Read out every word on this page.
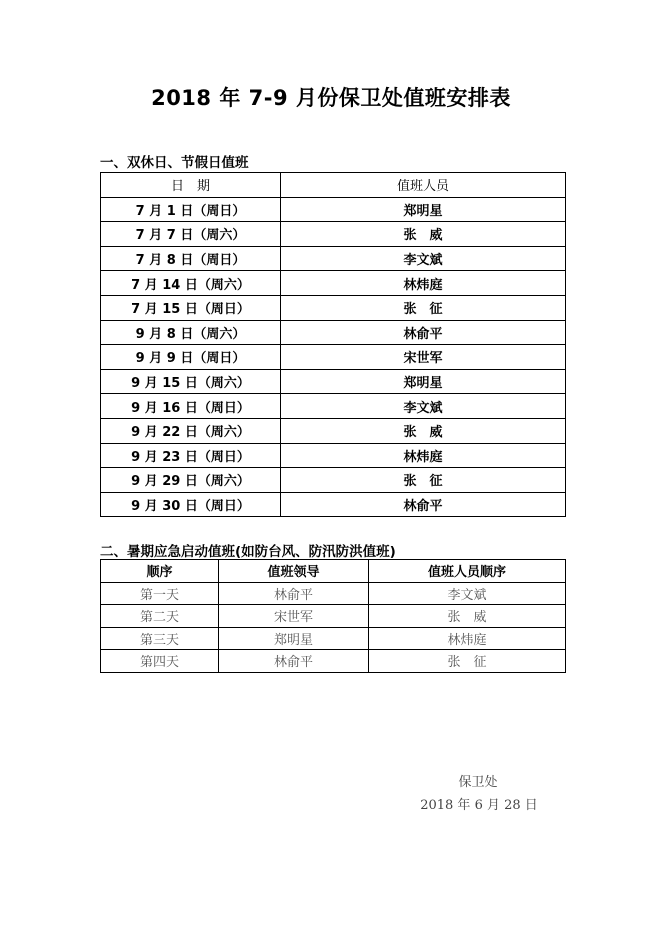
2018 年 7-9 月份保卫处值班安排表
一、双休日、节假日值班
日　期	值班人员
7 月 1 日（周日）	郑明星
7 月 7 日（周六）	张　威
7 月 8 日（周日）	李文斌
7 月 14 日（周六）	林炜庭
7 月 15 日（周日）	张　征
9 月 8 日（周六）	林俞平
9 月 9 日（周日）	宋世军
9 月 15 日（周六）	郑明星
9 月 16 日（周日）	李文斌
9 月 22 日（周六）	张　威
9 月 23 日（周日）	林炜庭
9 月 29 日（周六）	张　征
9 月 30 日（周日）	林俞平
二、暑期应急启动值班(如防台风、防汛防洪值班)
顺序	值班领导	值班人员顺序
第一天	林俞平	李文斌
第二天	宋世军	张　威
第三天	郑明星	林炜庭
第四天	林俞平	张　征
保卫处
2018 年 6 月 28 日
